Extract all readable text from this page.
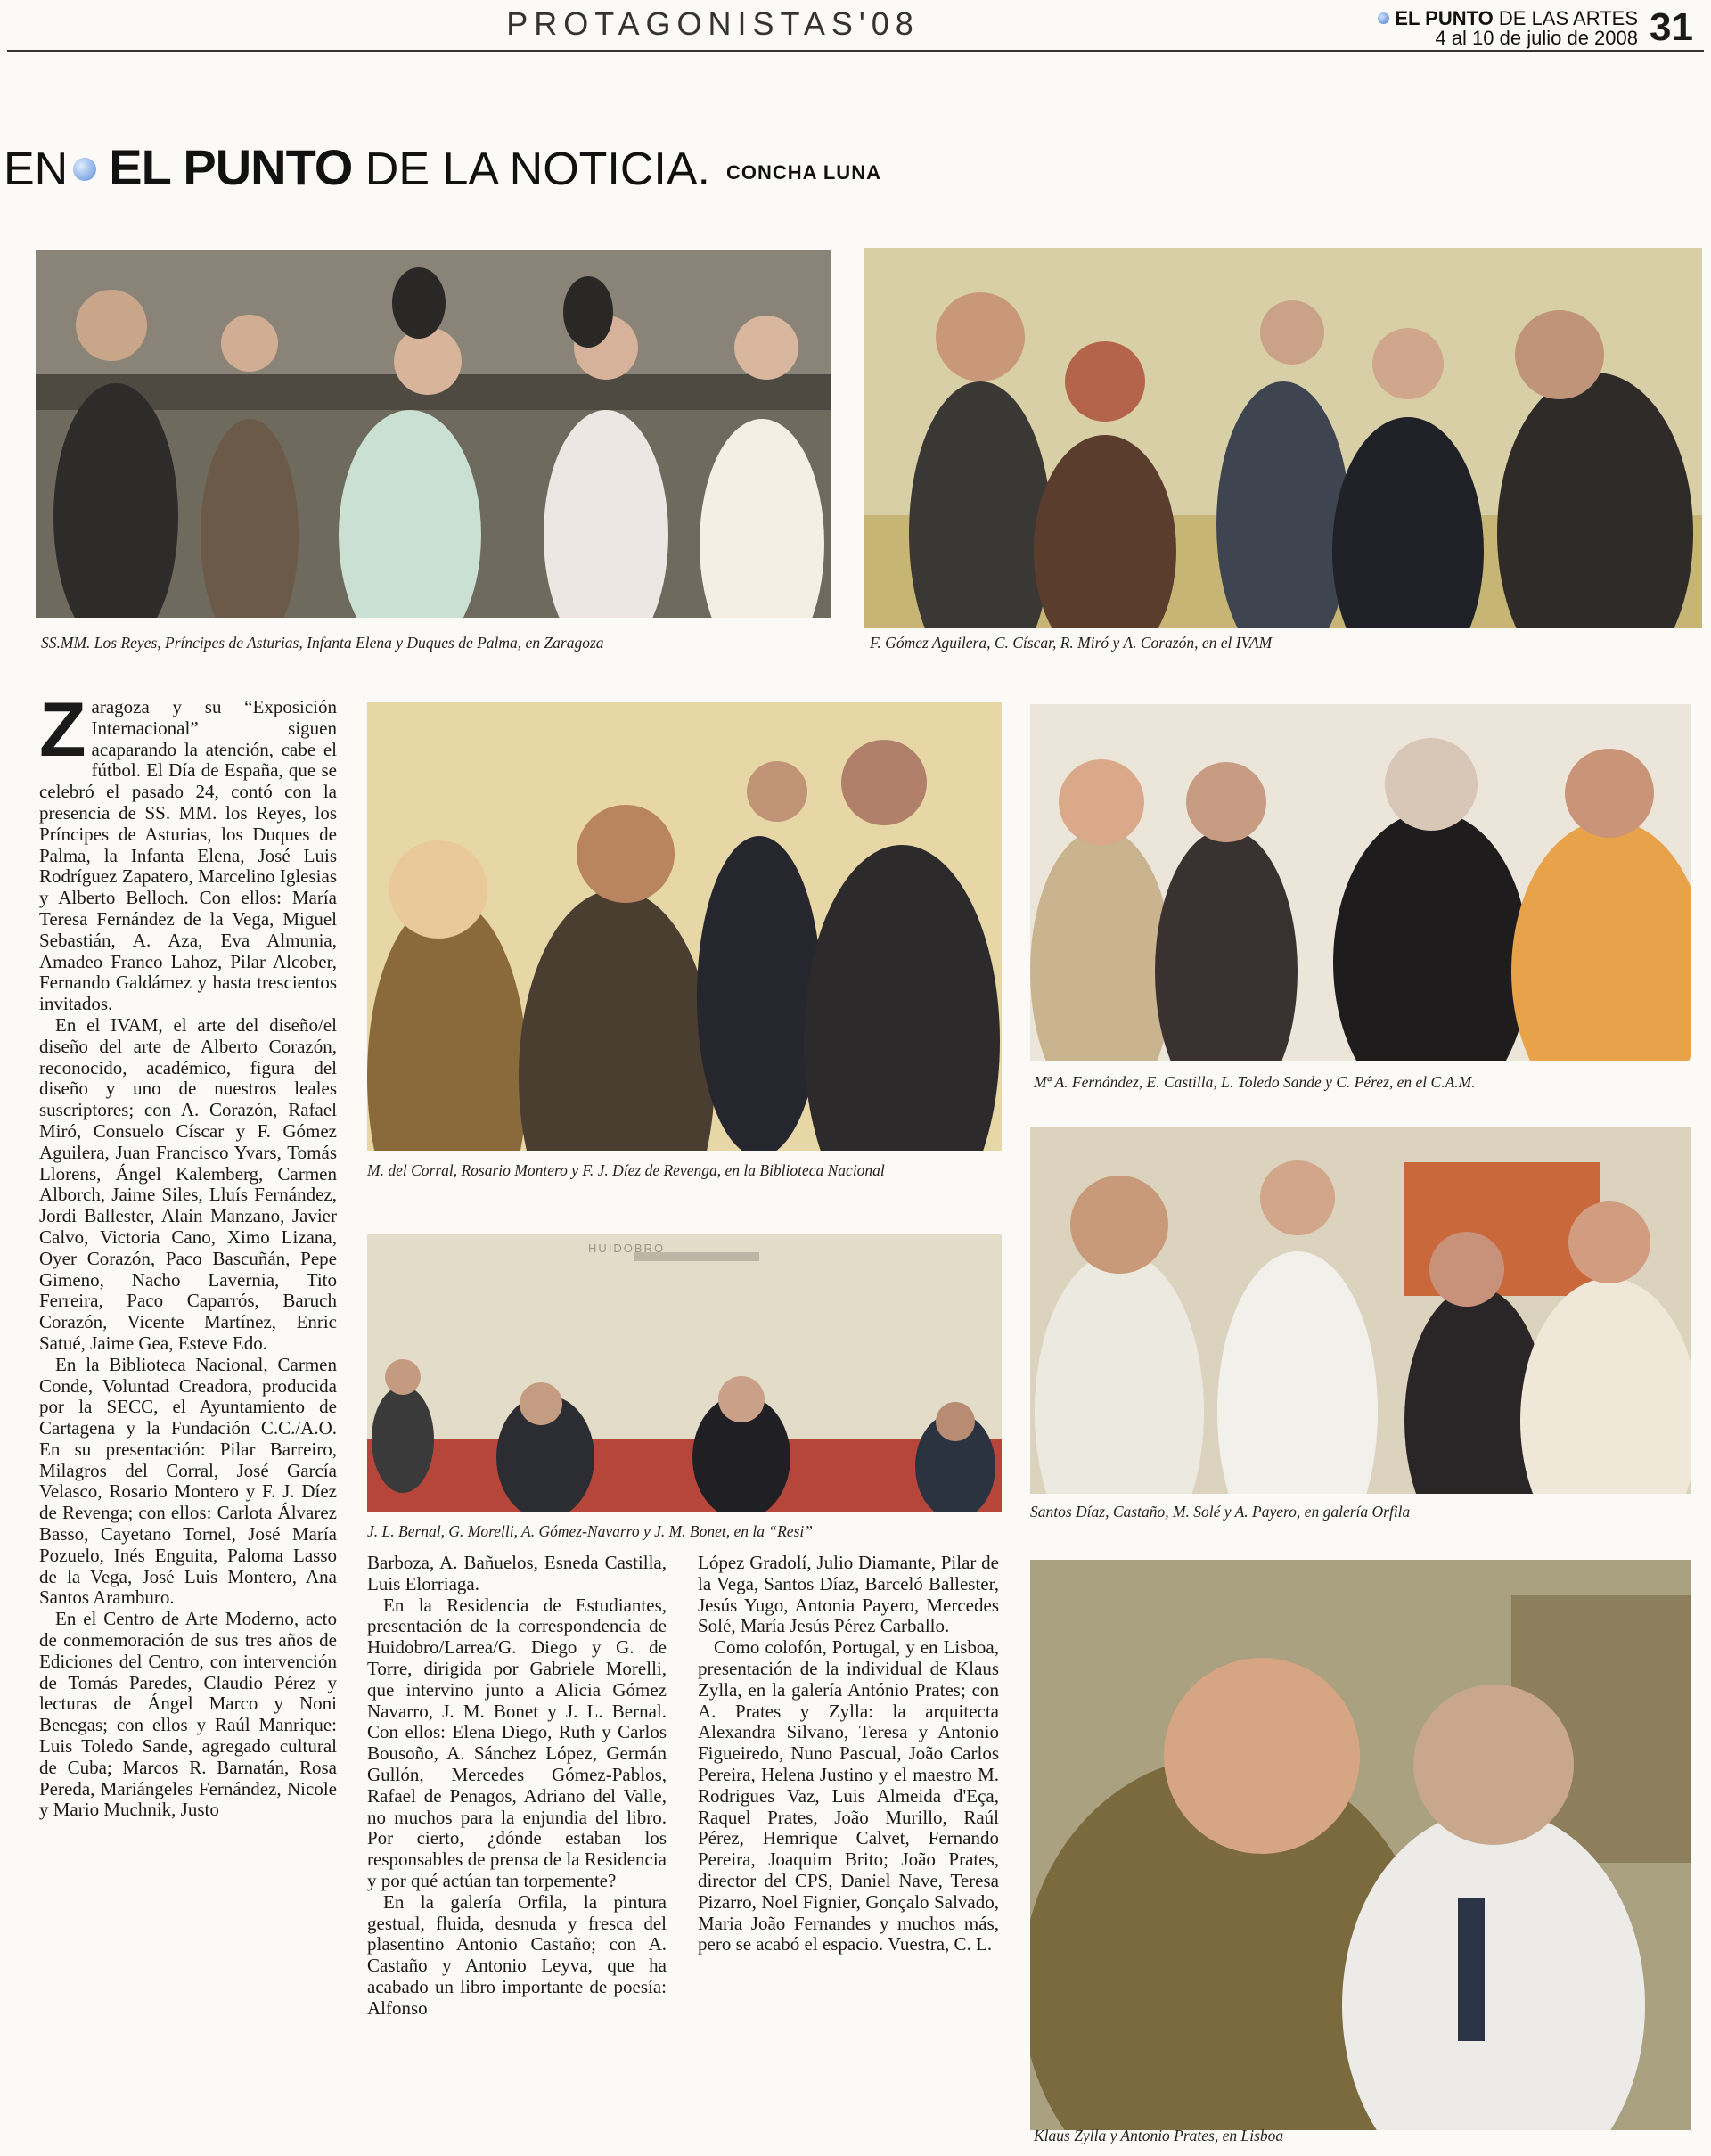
PROTAGONISTAS'08	EL PUNTO DE LAS ARTES
4 al 10 de julio de 2008 31
EN EL PUNTO DE LA NOTICIA. CONCHA LUNA
SS.MM. Los Reyes, Príncipes de Asturias, Infanta Elena y Duques de Palma, en Zaragoza	F. Gómez Aguilera, C. Císcar, R. Miró y A. Corazón, en el IVAM
M. del Corral, Rosario Montero y F. J. Díez de Revenga, en la Biblioteca Nacional
Mª A. Fernández, E. Castilla, L. Toledo Sande y C. Pérez, en el C.A.M.
J. L. Bernal, G. Morelli, A. Gómez-Navarro y J. M. Bonet, en la “Resi”
HUIDOBRO
Santos Díaz, Castaño, M. Solé y A. Payero, en galería Orfila
Klaus Zylla y Antonio Prates, en Lisboa

Zaragoza y su “Exposición Internacional” siguen acaparando la atención, cabe el fútbol. El Día de España, que se celebró el pasado 24, contó con la presencia de SS. MM. los Reyes, los Príncipes de Asturias, los Duques de Palma, la Infanta Elena, José Luis Rodríguez Zapatero, Marcelino Iglesias y Alberto Belloch. Con ellos: María Teresa Fernández de la Vega, Miguel Sebastián, A. Aza, Eva Almunia, Amadeo Franco Lahoz, Pilar Alcober, Fernando Galdámez y hasta trescientos invitados.

En el IVAM, el arte del diseño/el diseño del arte de Alberto Corazón, reconocido, académico, figura del diseño y uno de nuestros leales suscriptores; con A. Corazón, Rafael Miró, Consuelo Císcar y F. Gómez Aguilera, Juan Francisco Yvars, Tomás Llorens, Ángel Kalemberg, Carmen Alborch, Jaime Siles, Lluís Fernández, Jordi Ballester, Alain Manzano, Javier Calvo, Victoria Cano, Ximo Lizana, Oyer Corazón, Paco Bascuñán, Pepe Gimeno, Nacho Lavernia, Tito Ferreira, Paco Caparrós, Baruch Corazón, Vicente Martínez, Enric Satué, Jaime Gea, Esteve Edo.

En la Biblioteca Nacional, Carmen Conde, Voluntad Creadora, producida por la SECC, el Ayuntamiento de Cartagena y la Fundación C.C./A.O. En su presentación: Pilar Barreiro, Milagros del Corral, José García Velasco, Rosario Montero y F. J. Díez de Revenga; con ellos: Carlota Álvarez Basso, Cayetano Tornel, José María Pozuelo, Inés Enguita, Paloma Lasso de la Vega, José Luis Montero, Ana Santos Aramburo.

En el Centro de Arte Moderno, acto de conmemoración de sus tres años de Ediciones del Centro, con intervención de Tomás Paredes, Claudio Pérez y lecturas de Ángel Marco y Noni Benegas; con ellos y Raúl Manrique: Luis Toledo Sande, agregado cultural de Cuba; Marcos R. Barnatán, Rosa Pereda, Mariángeles Fernández, Nicole y Mario Muchnik, Justo

Barboza, A. Bañuelos, Esneda Castilla, Luis Elorriaga.

En la Residencia de Estudiantes, presentación de la correspondencia de Huidobro/Larrea/G. Diego y G. de Torre, dirigida por Gabriele Morelli, que intervino junto a Alicia Gómez Navarro, J. M. Bonet y J. L. Bernal. Con ellos: Elena Diego, Ruth y Carlos Bousoño, A. Sánchez López, Germán Gullón, Mercedes Gómez-Pablos, Rafael de Penagos, Adriano del Valle, no muchos para la enjundia del libro. Por cierto, ¿dónde estaban los responsables de prensa de la Residencia y por qué actúan tan torpemente?

En la galería Orfila, la pintura gestual, fluida, desnuda y fresca del plasentino Antonio Castaño; con A. Castaño y Antonio Leyva, que ha acabado un libro importante de poesía: Alfonso

López Gradolí, Julio Diamante, Pilar de la Vega, Santos Díaz, Barceló Ballester, Jesús Yugo, Antonia Payero, Mercedes Solé, María Jesús Pérez Carballo.

Como colofón, Portugal, y en Lisboa, presentación de la individual de Klaus Zylla, en la galería António Prates; con A. Prates y Zylla: la arquitecta Alexandra Silvano, Teresa y Antonio Figueiredo, Nuno Pascual, João Carlos Pereira, Helena Justino y el maestro M. Rodrigues Vaz, Luis Almeida d'Eça, Raquel Prates, João Murillo, Raúl Pérez, Hemrique Calvet, Fernando Pereira, Joaquim Brito; João Prates, director del CPS, Daniel Nave, Teresa Pizarro, Noel Fignier, Gonçalo Salvado, Maria João Fernandes y muchos más, pero se acabó el espacio. Vuestra, C. L.
